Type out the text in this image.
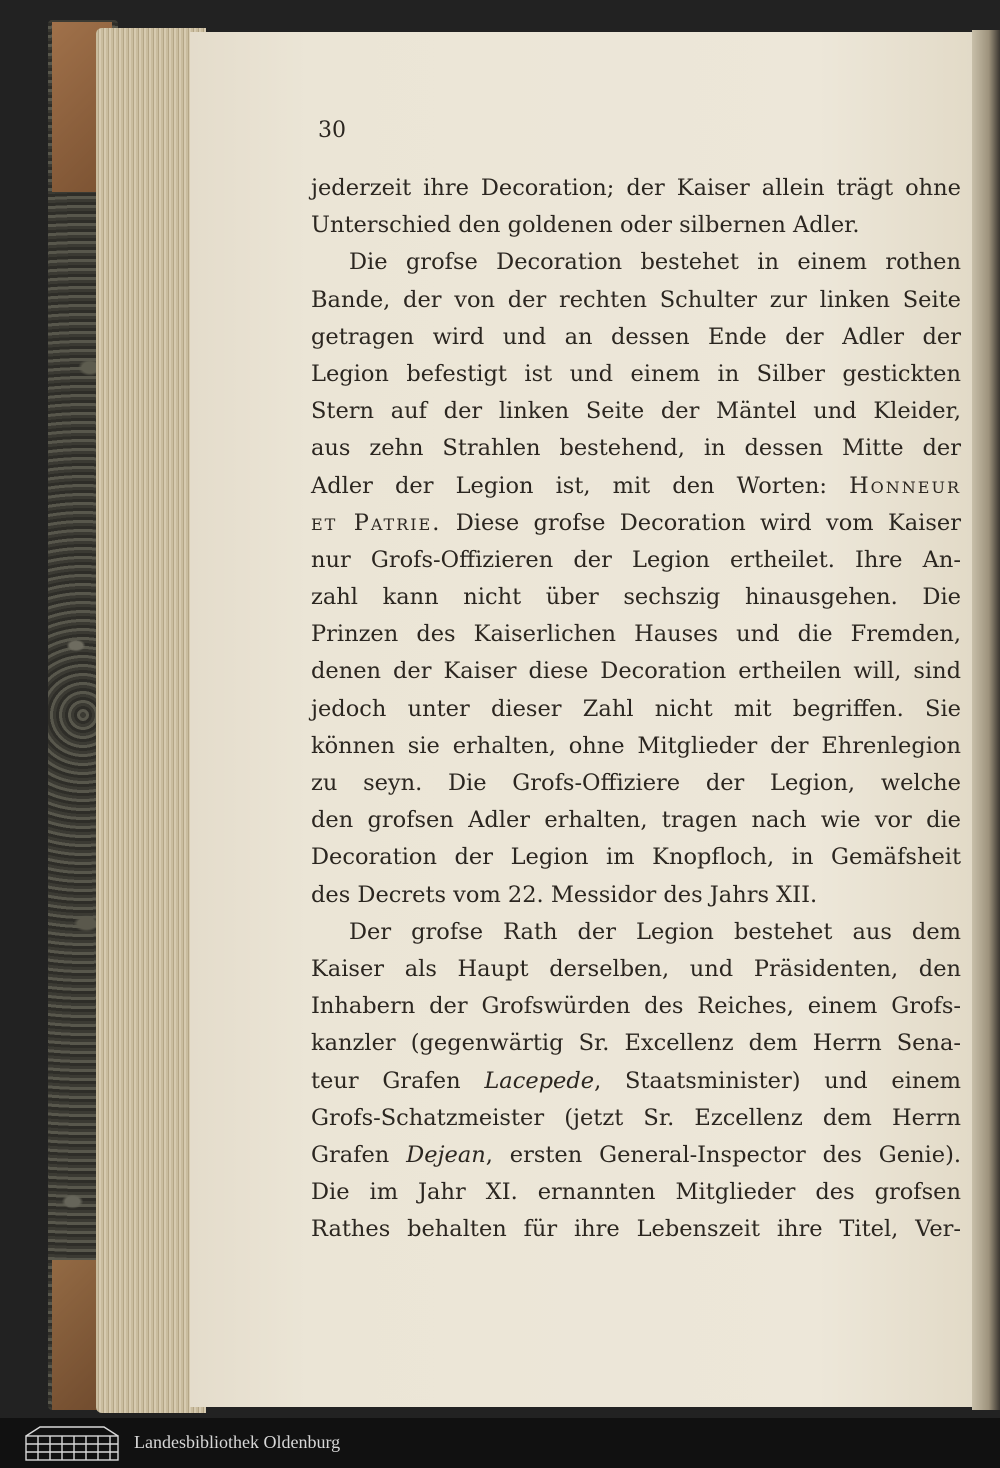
30

jederzeit ihre Decoration; der Kaiser allein trägt ohne
Unterschied den goldenen oder silbernen Adler.
Die grofse Decoration bestehet in einem rothen
Bande, der von der rechten Schulter zur linken Seite
getragen wird und an dessen Ende der Adler der
Legion befestigt ist und einem in Silber gestickten
Stern auf der linken Seite der Mäntel und Kleider,
aus zehn Strahlen bestehend, in dessen Mitte der
Adler der Legion ist, mit den Worten: Honneur
et Patrie. Diese grofse Decoration wird vom Kaiser
nur Grofs-Offizieren der Legion ertheilet. Ihre An-
zahl kann nicht über sechszig hinausgehen. Die
Prinzen des Kaiserlichen Hauses und die Fremden,
denen der Kaiser diese Decoration ertheilen will, sind
jedoch unter dieser Zahl nicht mit begriffen. Sie
können sie erhalten, ohne Mitglieder der Ehrenlegion
zu seyn. Die Grofs-Offiziere der Legion, welche
den grofsen Adler erhalten, tragen nach wie vor die
Decoration der Legion im Knopfloch, in Gemäfsheit
des Decrets vom 22. Messidor des Jahrs XII.
Der grofse Rath der Legion bestehet aus dem
Kaiser als Haupt derselben, und Präsidenten, den
Inhabern der Grofswürden des Reiches, einem Grofs-
kanzler (gegenwärtig Sr. Excellenz dem Herrn Sena-
teur Grafen Lacepede, Staatsminister) und einem
Grofs-Schatzmeister (jetzt Sr. Ezcellenz dem Herrn
Grafen Dejean, ersten General-Inspector des Genie).
Die im Jahr XI. ernannten Mitglieder des grofsen
Rathes behalten für ihre Lebenszeit ihre Titel, Ver-
Landesbibliothek Oldenburg
